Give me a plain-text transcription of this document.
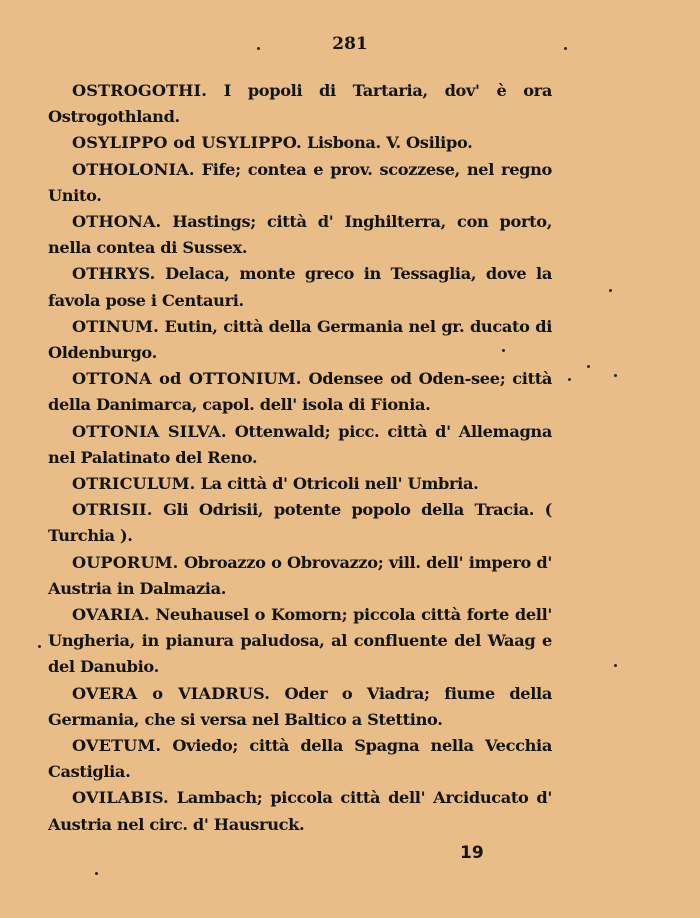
281

OSTROGOTHI. I popoli di Tartaria, dov' è ora Ostrogothland.

OSYLIPPO od USYLIPPO. Lisbona. V. Osilipo.

OTHOLONIA. Fife; contea e prov. scozzese, nel regno Unito.

OTHONA. Hastings; città d' Inghilterra, con porto, nella contea di Sussex.

OTHRYS. Delaca, monte greco in Tessaglia, dove la favola pose i Centauri.

OTINUM. Eutin, città della Germania nel gr. ducato di Oldenburgo.

OTTONA od OTTONIUM. Odensee od Oden-see; città della Danimarca, capol. dell' isola di Fionia.

OTTONIA SILVA. Ottenwald; picc. città d' Allemagna nel Palatinato del Reno.

OTRICULUM. La città d' Otricoli nell' Umbria.

OTRISII. Gli Odrisii, potente popolo della Tracia. ( Turchia ).

OUPORUM. Obroazzo o Obrovazzo; vill. dell' impero d' Austria in Dalmazia.

OVARIA. Neuhausel o Komorn; piccola città forte dell' Ungheria, in pianura paludosa, al confluente del Waag e del Danubio.

OVERA o VIADRUS. Oder o Viadra; fiume della Germania, che si versa nel Baltico a Stettino.

OVETUM. Oviedo; città della Spagna nella Vecchia Castiglia.

OVILABIS. Lambach; piccola città dell' Arciducato d' Austria nel circ. d' Hausruck.

19
